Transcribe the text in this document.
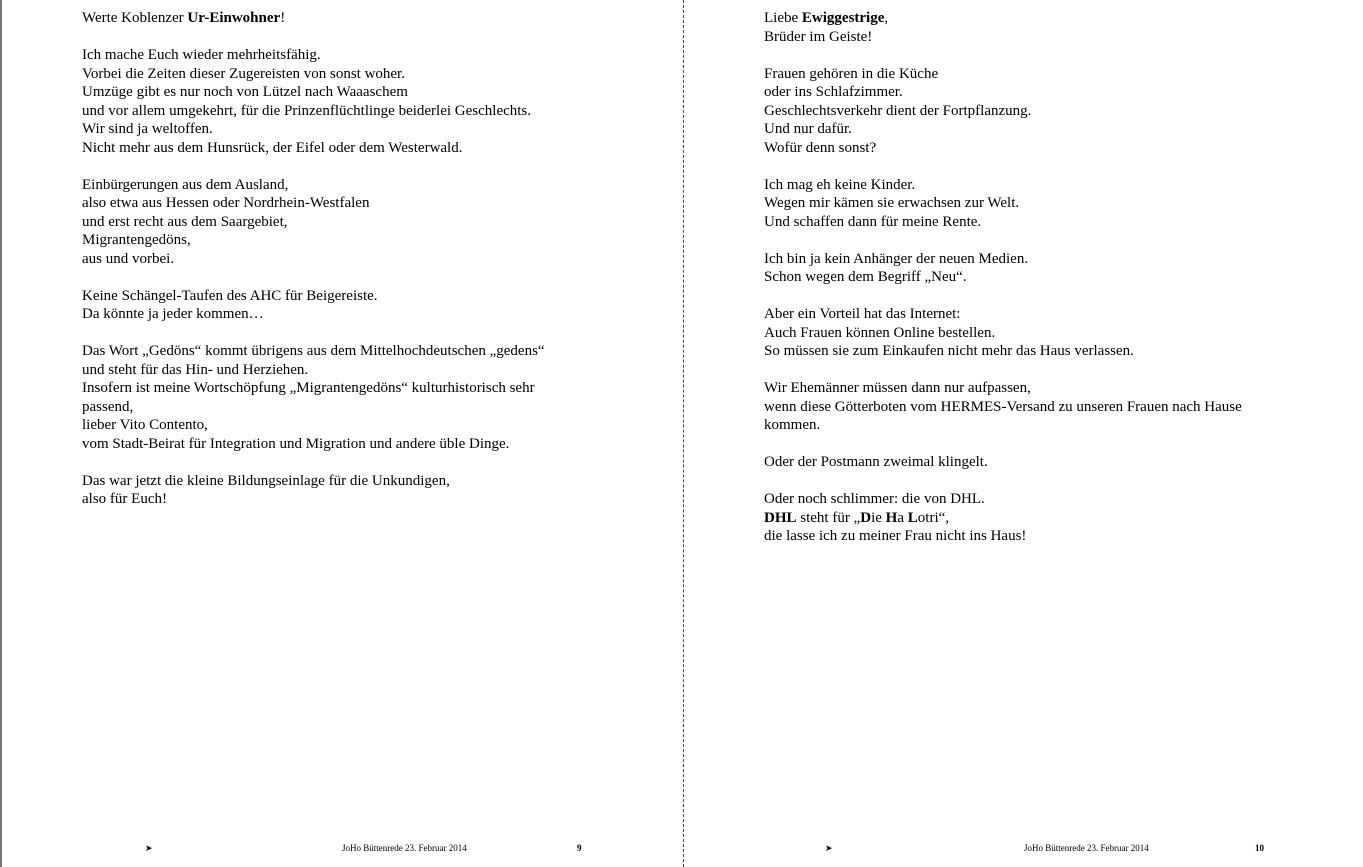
Werte Koblenzer Ur-Einwohner!
Ich mache Euch wieder mehrheitsfähig.
Vorbei die Zeiten dieser Zugereisten von sonst woher.
Umzüge gibt es nur noch von Lützel nach Waaaschem
und vor allem umgekehrt, für die Prinzenflüchtlinge beiderlei Geschlechts.
Wir sind ja weltoffen.
Nicht mehr aus dem Hunsrück, der Eifel oder dem Westerwald.
Einbürgerungen aus dem Ausland,
also etwa aus Hessen oder Nordrhein-Westfalen
und erst recht aus dem Saargebiet,
Migrantengedöns,
aus und vorbei.
Keine Schängel-Taufen des AHC für Beigereiste.
Da könnte ja jeder kommen…
Das Wort „Gedöns“ kommt übrigens aus dem Mittelhochdeutschen „gedens“
und steht für das Hin- und Herziehen.
Insofern ist meine Wortschöpfung „Migrantengedöns“ kulturhistorisch sehr
passend,
lieber Vito Contento,
vom Stadt-Beirat für Integration und Migration und andere üble Dinge.
Das war jetzt die kleine Bildungseinlage für die Unkundigen,
also für Euch!
➤	JoHo Büttenrede 23. Februar 2014	9
Liebe Ewiggestrige,
Brüder im Geiste!
Frauen gehören in die Küche
oder ins Schlafzimmer.
Geschlechtsverkehr dient der Fortpflanzung.
Und nur dafür.
Wofür denn sonst?
Ich mag eh keine Kinder.
Wegen mir kämen sie erwachsen zur Welt.
Und schaffen dann für meine Rente.
Ich bin ja kein Anhänger der neuen Medien.
Schon wegen dem Begriff „Neu“.
Aber ein Vorteil hat das Internet:
Auch Frauen können Online bestellen.
So müssen sie zum Einkaufen nicht mehr das Haus verlassen.
Wir Ehemänner müssen dann nur aufpassen,
wenn diese Götterboten vom HERMES-Versand zu unseren Frauen nach Hause
kommen.
Oder der Postmann zweimal klingelt.
Oder noch schlimmer: die von DHL.
DHL steht für „Die Ha Lotri“,
die lasse ich zu meiner Frau nicht ins Haus!
➤	JoHo Büttenrede 23. Februar 2014	10
